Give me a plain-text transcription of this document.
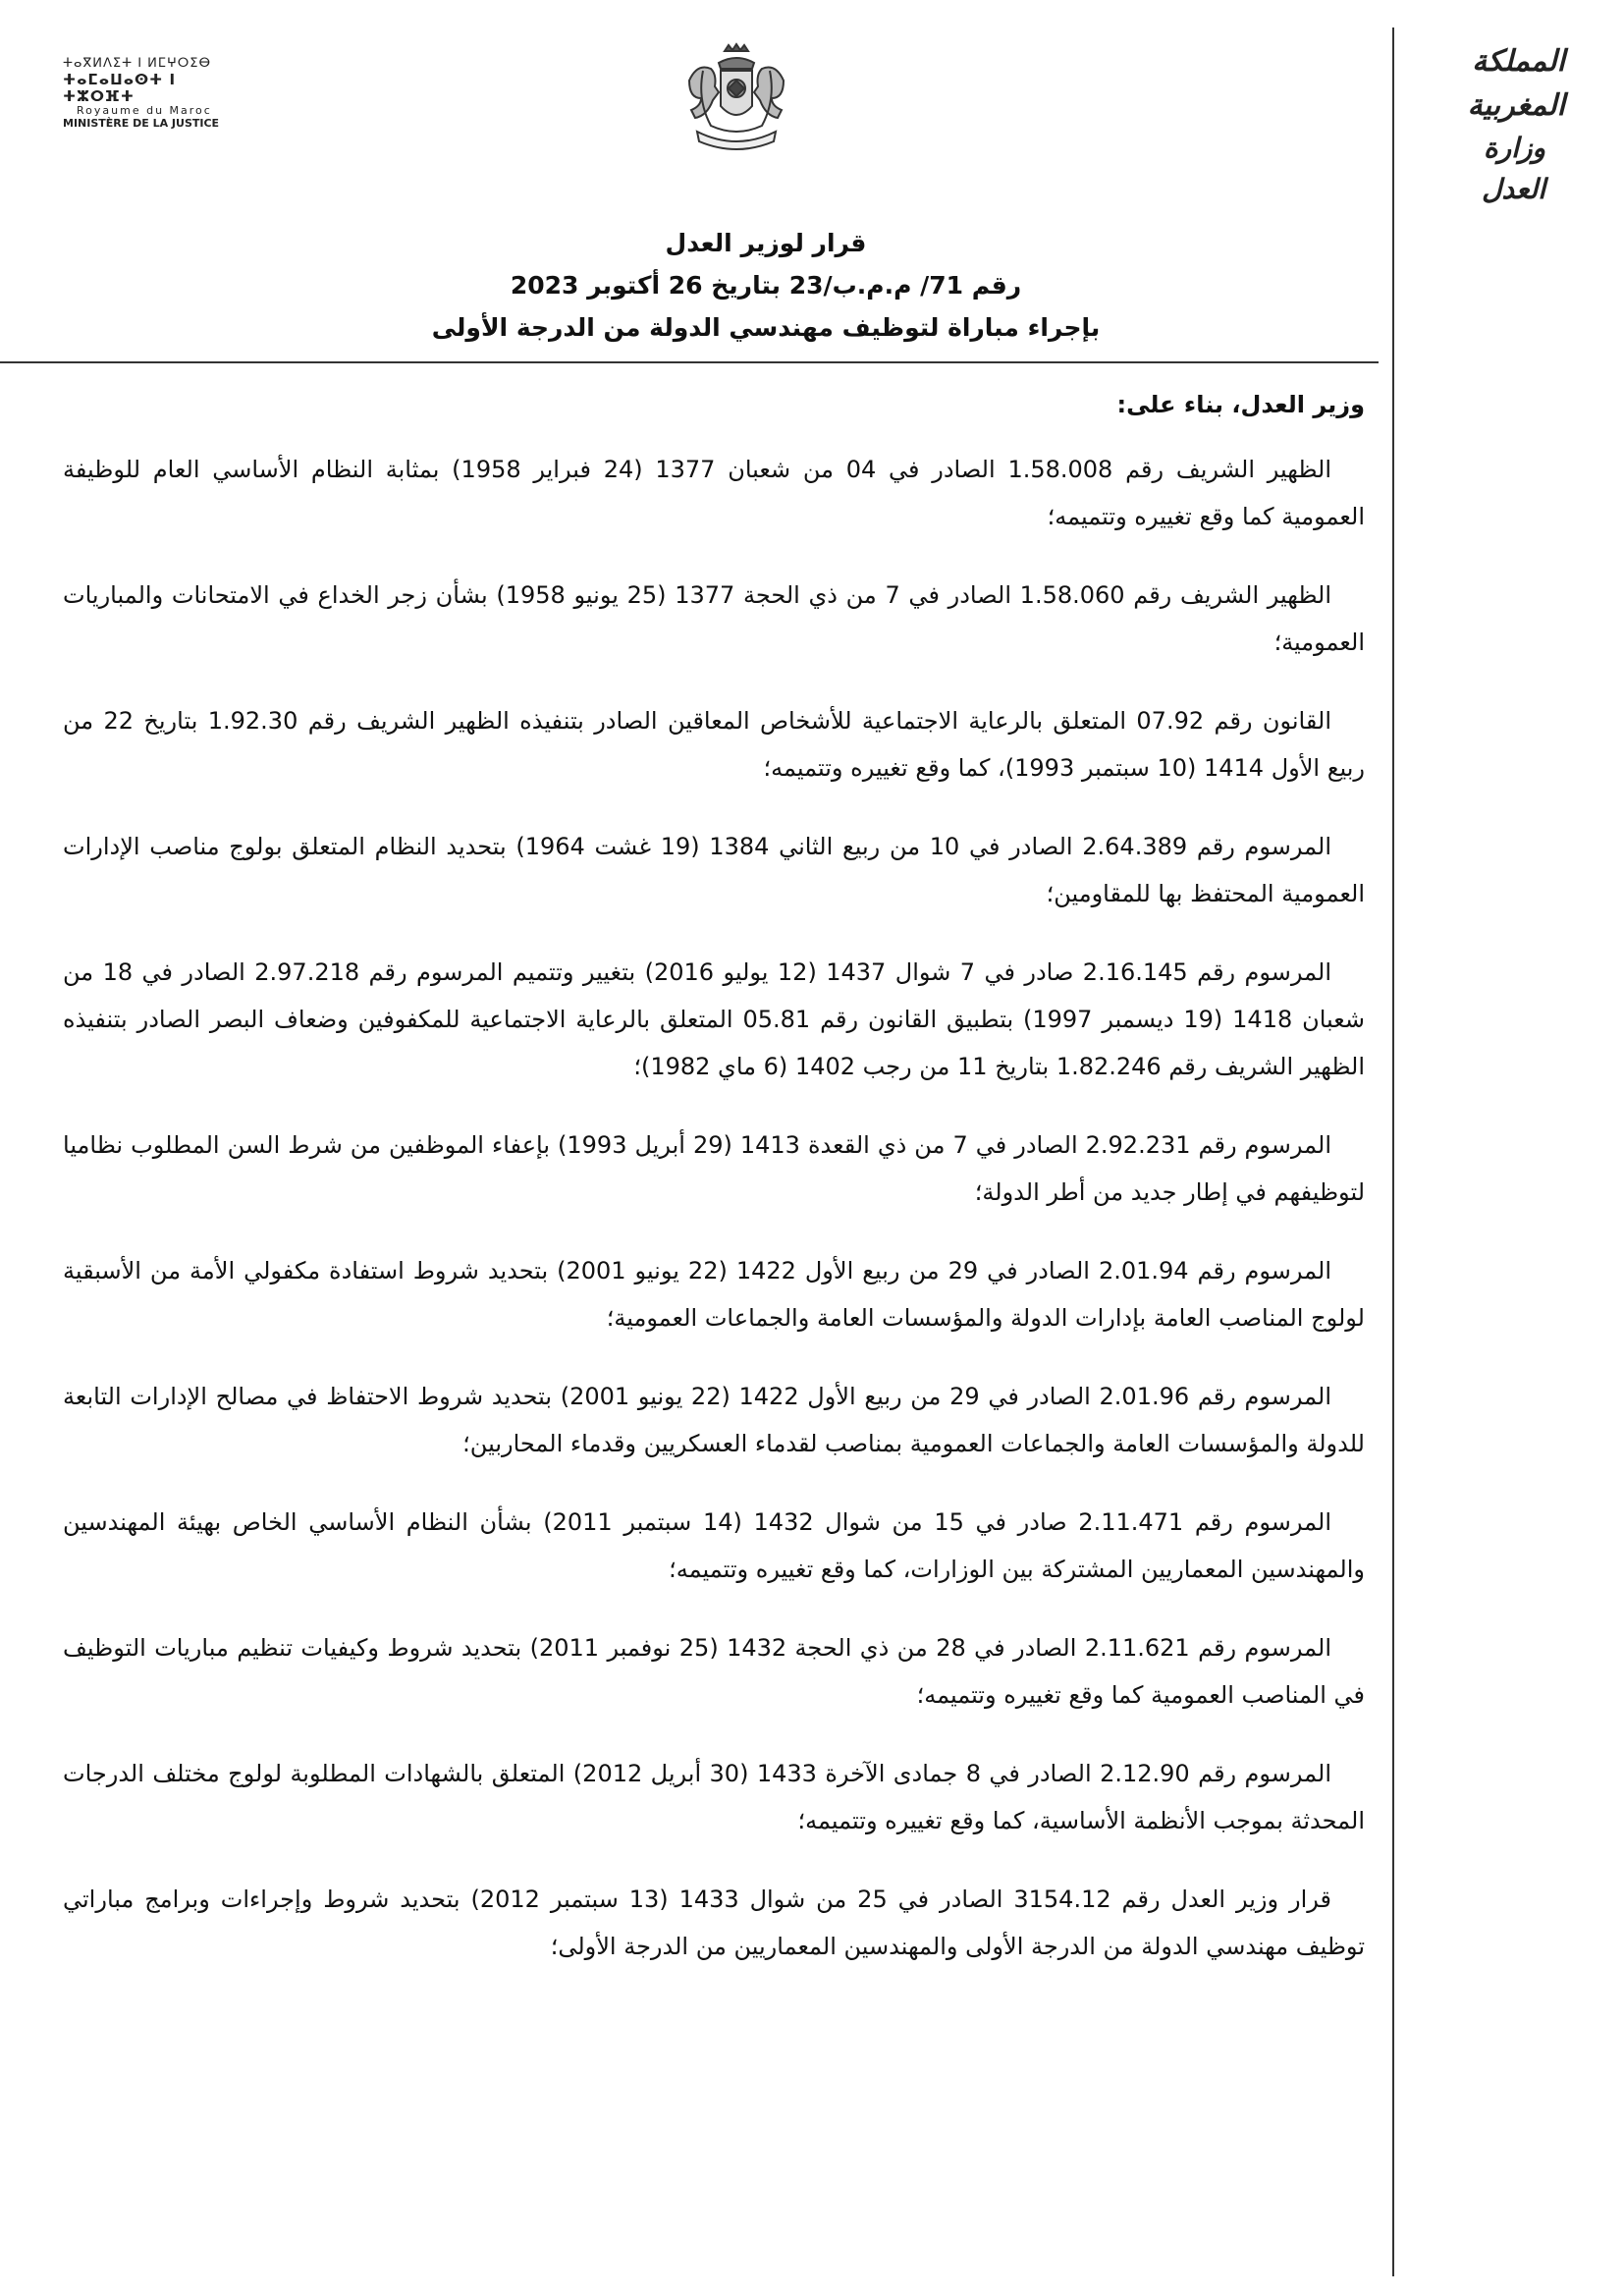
ⵜⴰⴳⵍⴷⵉⵜ ⵏ ⵍⵎⵖⵔⵉⴱ
ⵜⴰⵎⴰⵡⴰⵙⵜ ⵏ ⵜⵣⵔⴼⵜ
Royaume du Maroc
MINISTÈRE DE LA JUSTICE
المملكة المغربية
وزارة العدل
قرار لوزير العدل
رقم 71/ م.م.ب/23 بتاريخ 26 أكتوبر 2023
بإجراء مباراة لتوظيف مهندسي الدولة من الدرجة الأولى

وزير العدل، بناء على:

الظهير الشريف رقم 1.58.008 الصادر في 04 من شعبان 1377 (24 فبراير 1958) بمثابة النظام الأساسي العام للوظيفة العمومية كما وقع تغييره وتتميمه؛

الظهير الشريف رقم 1.58.060 الصادر في 7 من ذي الحجة 1377 (25 يونيو 1958) بشأن زجر الخداع في الامتحانات والمباريات العمومية؛

القانون رقم 07.92 المتعلق بالرعاية الاجتماعية للأشخاص المعاقين الصادر بتنفيذه الظهير الشريف رقم 1.92.30 بتاريخ 22 من ربيع الأول 1414 (10 سبتمبر 1993)، كما وقع تغييره وتتميمه؛

المرسوم رقم 2.64.389 الصادر في 10 من ربيع الثاني 1384 (19 غشت 1964) بتحديد النظام المتعلق بولوج مناصب الإدارات العمومية المحتفظ بها للمقاومين؛

المرسوم رقم 2.16.145 صادر في 7 شوال 1437 (12 يوليو 2016) بتغيير وتتميم المرسوم رقم 2.97.218 الصادر في 18 من شعبان 1418 (19 ديسمبر 1997) بتطبيق القانون رقم 05.81 المتعلق بالرعاية الاجتماعية للمكفوفين وضعاف البصر الصادر بتنفيذه الظهير الشريف رقم 1.82.246 بتاريخ 11 من رجب 1402 (6 ماي 1982)؛

المرسوم رقم 2.92.231 الصادر في 7 من ذي القعدة 1413 (29 أبريل 1993) بإعفاء الموظفين من شرط السن المطلوب نظاميا لتوظيفهم في إطار جديد من أطر الدولة؛

المرسوم رقم 2.01.94 الصادر في 29 من ربيع الأول 1422 (22 يونيو 2001) بتحديد شروط استفادة مكفولي الأمة من الأسبقية لولوج المناصب العامة بإدارات الدولة والمؤسسات العامة والجماعات العمومية؛

المرسوم رقم 2.01.96 الصادر في 29 من ربيع الأول 1422 (22 يونيو 2001) بتحديد شروط الاحتفاظ في مصالح الإدارات التابعة للدولة والمؤسسات العامة والجماعات العمومية بمناصب لقدماء العسكريين وقدماء المحاربين؛

المرسوم رقم 2.11.471 صادر في 15 من شوال 1432 (14 سبتمبر 2011) بشأن النظام الأساسي الخاص بهيئة المهندسين والمهندسين المعماريين المشتركة بين الوزارات، كما وقع تغييره وتتميمه؛

المرسوم رقم 2.11.621 الصادر في 28 من ذي الحجة 1432 (25 نوفمبر 2011) بتحديد شروط وكيفيات تنظيم مباريات التوظيف في المناصب العمومية كما وقع تغييره وتتميمه؛

المرسوم رقم 2.12.90 الصادر في 8 جمادى الآخرة 1433 (30 أبريل 2012) المتعلق بالشهادات المطلوبة لولوج مختلف الدرجات المحدثة بموجب الأنظمة الأساسية، كما وقع تغييره وتتميمه؛

قرار وزير العدل رقم 3154.12 الصادر في 25 من شوال 1433 (13 سبتمبر 2012) بتحديد شروط وإجراءات وبرامج مباراتي توظيف مهندسي الدولة من الدرجة الأولى والمهندسين المعماريين من الدرجة الأولى؛
